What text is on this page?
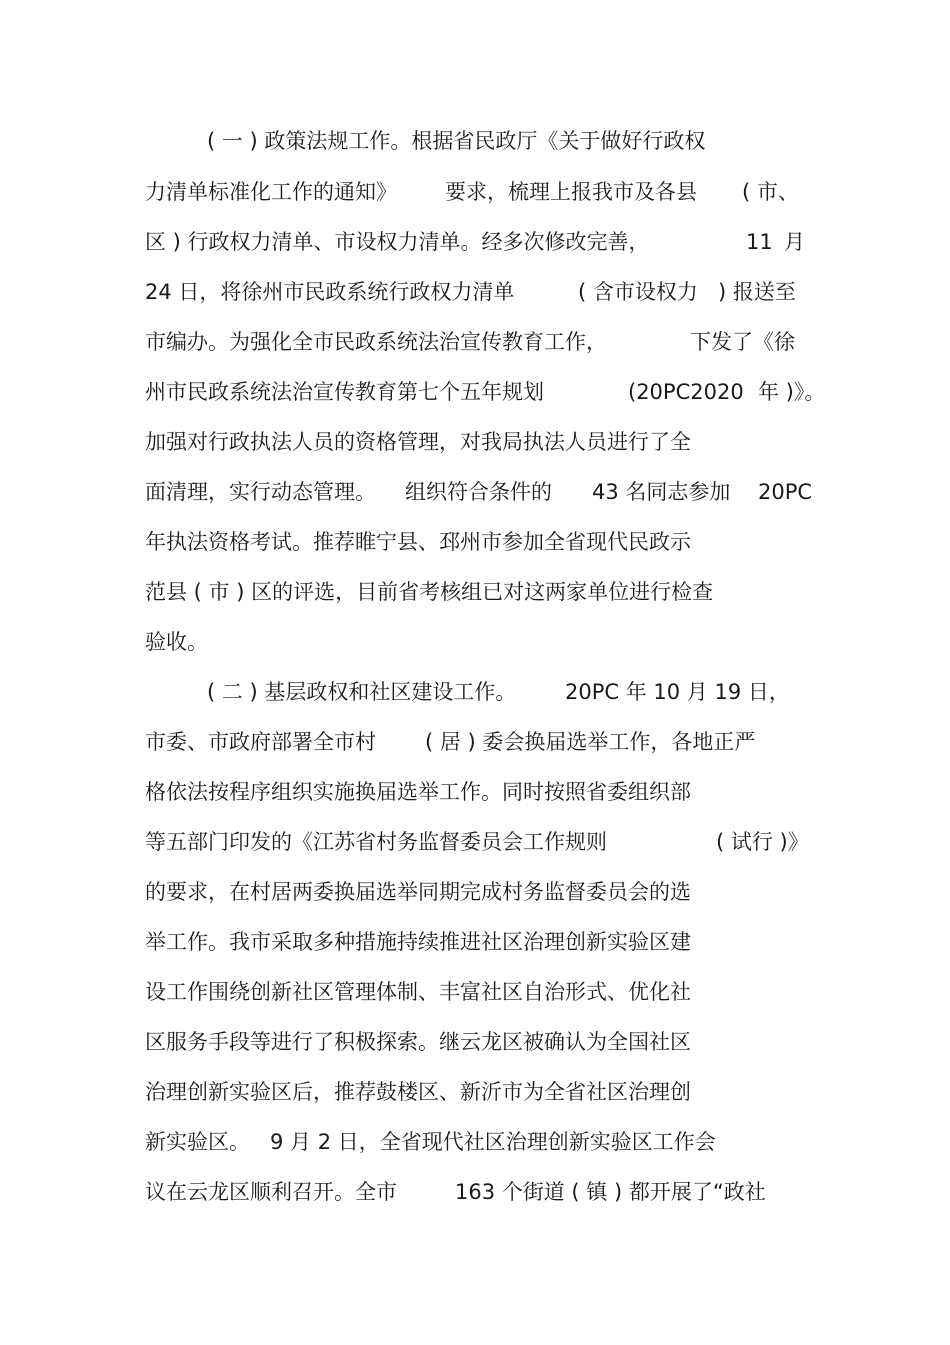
( 一 ) 政策法规工作。根据省民政厅《关于做好行政权

力清单标准化工作的通知》

要求，梳理上报我市及各县

( 市、

区 ) 行政权力清单、市设权力清单。经多次修改完善，

	11

月

24 日，将徐州市民政系统行政权力清单

	( 含市设权力

) 报送至

市编办。为强化全市民政系统法治宣传教育工作，

	下发了《徐

州市民政系统法治宣传教育第七个五年规划

	(20PC2020

年 )》。

加强对行政执法人员的资格管理，对我局执法人员进行了全

面清理，实行动态管理。

组织符合条件的

43 名同志参加

20PC

年执法资格考试。推荐睢宁县、邳州市参加全省现代民政示

范县 ( 市 ) 区的评选，目前省考核组已对这两家单位进行检查

验收。

( 二 ) 基层政权和社区建设工作。

20PC 年 10 月 19 日，

市委、市政府部署全市村

( 居 ) 委会换届选举工作，各地正严

格依法按程序组织实施换届选举工作。同时按照省委组织部

等五部门印发的《江苏省村务监督委员会工作规则

	( 试行 )》

的要求，在村居两委换届选举同期完成村务监督委员会的选

举工作。我市采取多种措施持续推进社区治理创新实验区建

设工作围绕创新社区管理体制、丰富社区自治形式、优化社

区服务手段等进行了积极探索。继云龙区被确认为全国社区

治理创新实验区后，推荐鼓楼区、新沂市为全省社区治理创

新实验区。

9 月 2 日，全省现代社区治理创新实验区工作会

议在云龙区顺利召开。全市

	163 个街道 ( 镇 ) 都开展了“政社
